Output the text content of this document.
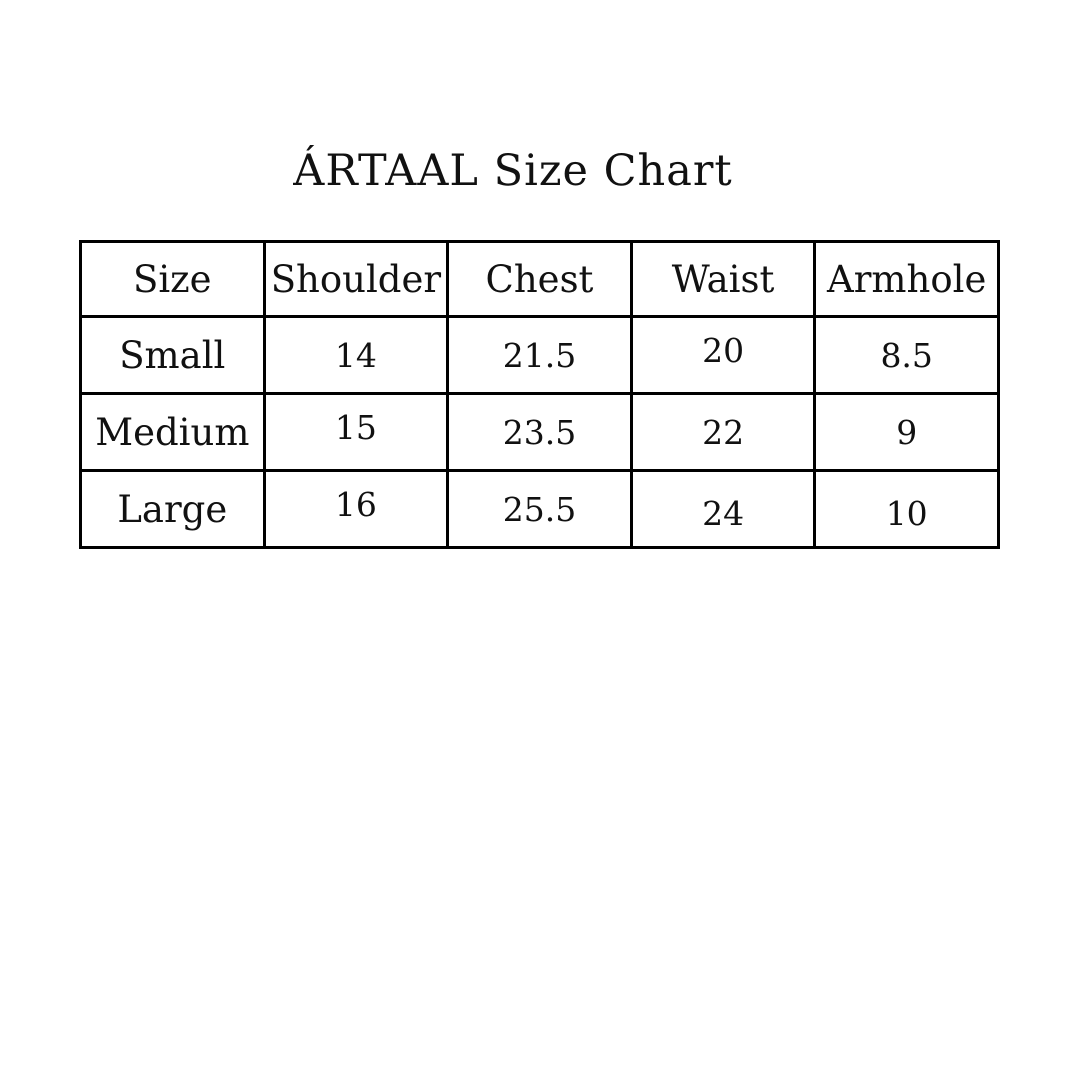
ÁRTAAL Size Chart
Size	Shoulder	Chest	Waist	Armhole
Small	14	21.5	20	8.5
Medium	15	23.5	22	9
Large	16	25.5	24	10
